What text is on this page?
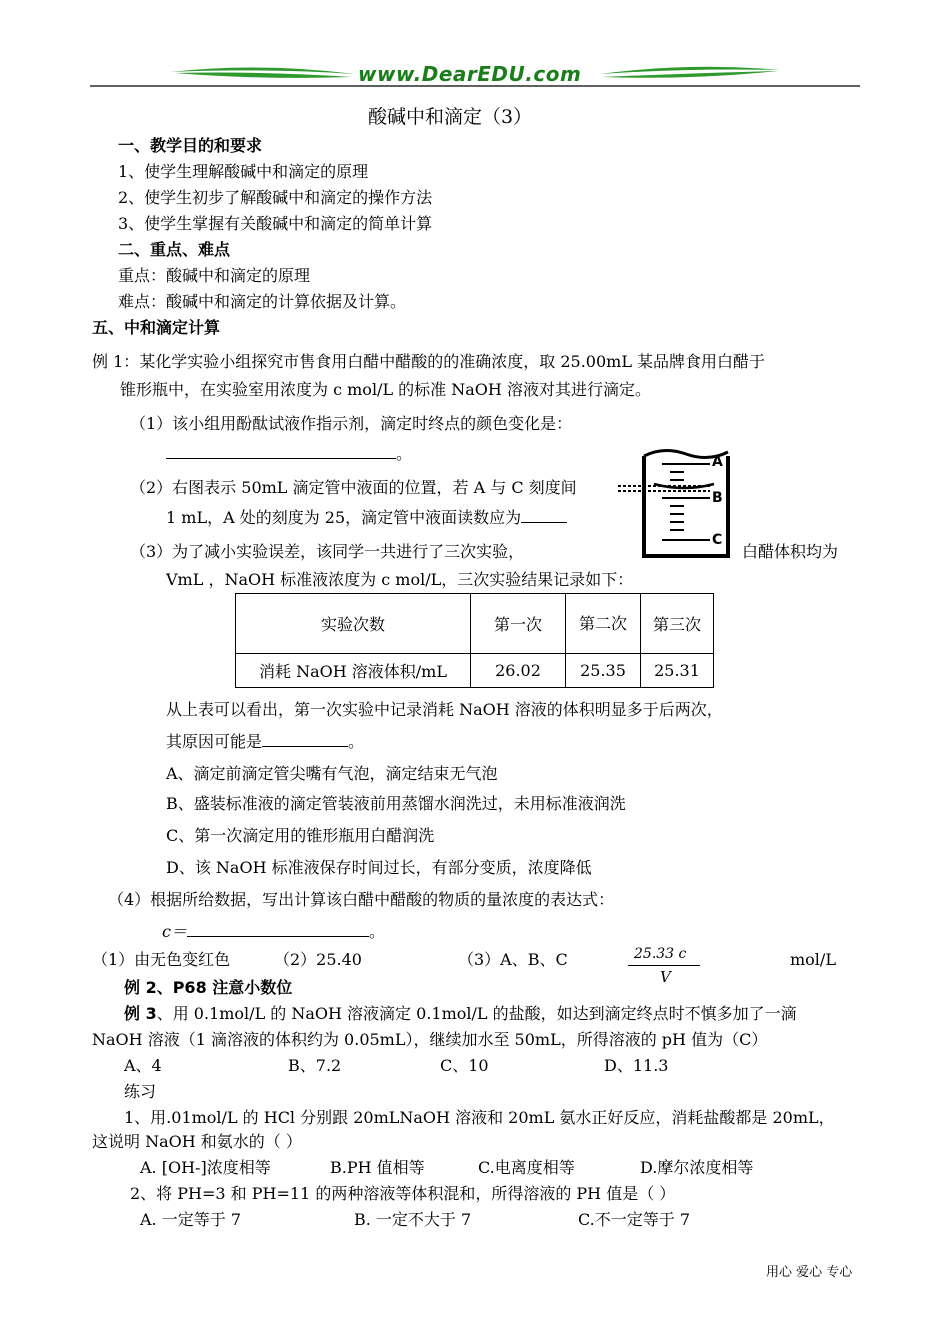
www.DearEDU.com
酸碱中和滴定（3）
一、教学目的和要求
1、使学生理解酸碱中和滴定的原理
2、使学生初步了解酸碱中和滴定的操作方法
3、使学生掌握有关酸碱中和滴定的简单计算
二、重点、难点
重点：酸碱中和滴定的原理
难点：酸碱中和滴定的计算依据及计算。
五、中和滴定计算
例 1：某化学实验小组探究市售食用白醋中醋酸的的准确浓度，取 25.00mL 某品牌食用白醋于
锥形瓶中，在实验室用浓度为 c mol/L 的标准 NaOH 溶液对其进行滴定。
（1）该小组用酚酞试液作指示剂，滴定时终点的颜色变化是：
。
（2）右图表示 50mL 滴定管中液面的位置，若 A 与 C 刻度间
1 mL，A 处的刻度为 25，滴定管中液面读数应为
A
B
C
（3）为了减小实验误差，该同学一共进行了三次实验，	白醋体积均为
VmL ，NaOH 标准液浓度为 c mol/L，三次实验结果记录如下：
实验次数	第一次	第二次	第三次
消耗 NaOH 溶液体积/mL	26.02	25.35	25.31
从上表可以看出，第一次实验中记录消耗 NaOH 溶液的体积明显多于后两次，
其原因可能是	。
A、滴定前滴定管尖嘴有气泡，滴定结束无气泡
B、盛装标准液的滴定管装液前用蒸馏水润洗过，未用标准液润洗
C、第一次滴定用的锥形瓶用白醋润洗
D、该 NaOH 标准液保存时间过长，有部分变质，浓度降低
（4）根据所给数据，写出计算该白醋中醋酸的物质的量浓度的表达式：
c＝	。
（1）由无色变红色	（2）25.40	（3）A、B、C	25.33 c
V
mol/L
例 2、P68 注意小数位
例 3、用 0.1mol/L 的 NaOH 溶液滴定 0.1mol/L 的盐酸，如达到滴定终点时不慎多加了一滴
NaOH 溶液（1 滴溶液的体积约为 0.05mL），继续加水至 50mL，所得溶液的 pH 值为（C）
A、4	B、7.2	C、10	D、11.3
练习
1、用.01mol/L 的 HCl 分别跟 20mLNaOH 溶液和 20mL 氨水正好反应，消耗盐酸都是 20mL，
这说明 NaOH 和氨水的（ ）
A. [OH-]浓度相等	B.PH 值相等	C.电离度相等	D.摩尔浓度相等
2、将 PH=3 和 PH=11 的两种溶液等体积混和，所得溶液的 PH 值是（ ）
A. 一定等于 7	B. 一定不大于 7	C.不一定等于 7
用心 爱心 专心
